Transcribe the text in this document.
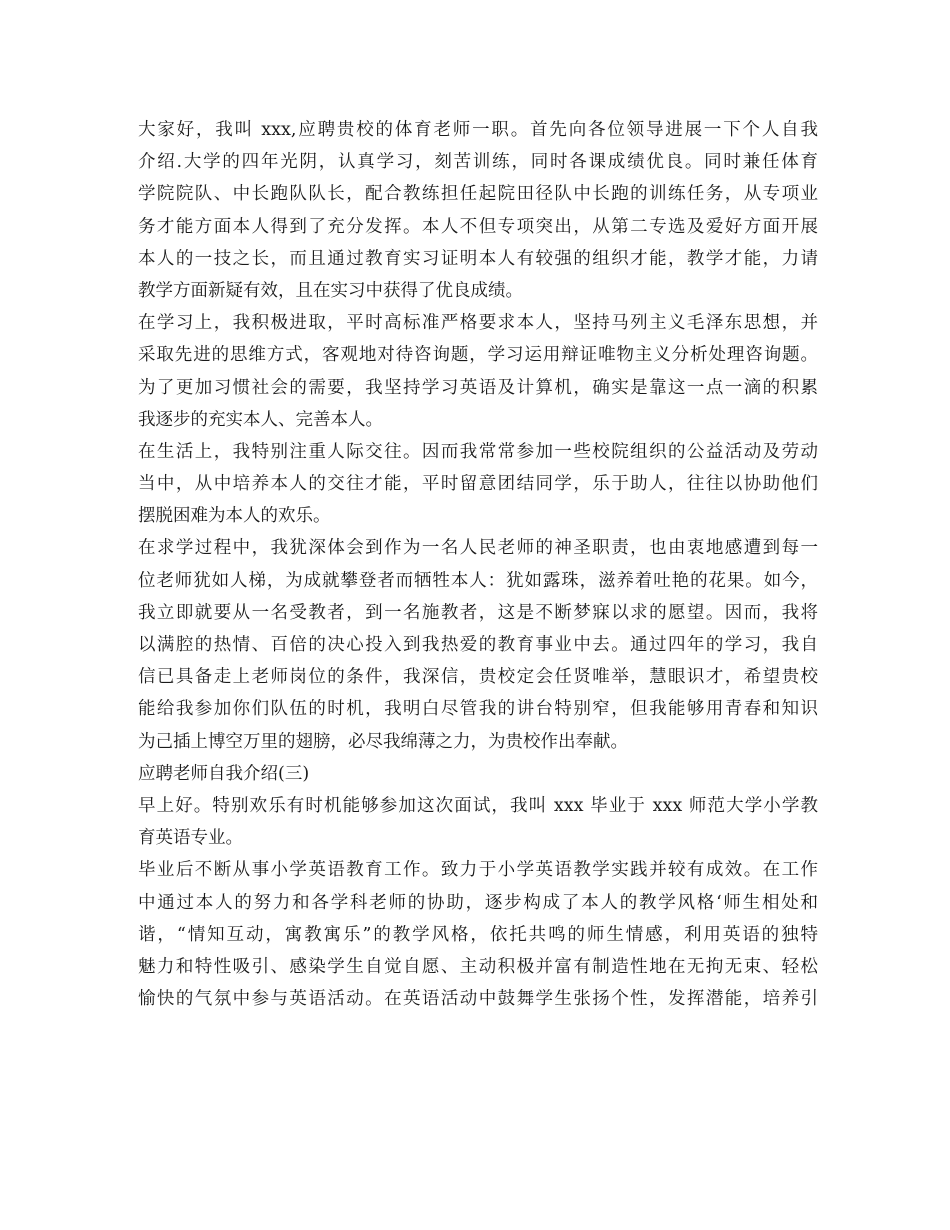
大家好，我叫 xxx,应聘贵校的体育老师一职。首先向各位领导进展一下个人自我
介绍.大学的四年光阴，认真学习，刻苦训练，同时各课成绩优良。同时兼任体育
学院院队、中长跑队队长，配合教练担任起院田径队中长跑的训练任务，从专项业
务才能方面本人得到了充分发挥。本人不但专项突出，从第二专选及爱好方面开展
本人的一技之长，而且通过教育实习证明本人有较强的组织才能，教学才能，力请
教学方面新疑有效，且在实习中获得了优良成绩。
在学习上，我积极进取，平时高标准严格要求本人，坚持马列主义毛泽东思想，并
采取先进的思维方式，客观地对待咨询题，学习运用辩证唯物主义分析处理咨询题。
为了更加习惯社会的需要，我坚持学习英语及计算机，确实是靠这一点一滴的积累
我逐步的充实本人、完善本人。
在生活上，我特别注重人际交往。因而我常常参加一些校院组织的公益活动及劳动
当中，从中培养本人的交往才能，平时留意团结同学，乐于助人，往往以协助他们
摆脱困难为本人的欢乐。
在求学过程中，我犹深体会到作为一名人民老师的神圣职责，也由衷地感遭到每一
位老师犹如人梯，为成就攀登者而牺牲本人：犹如露珠，滋养着吐艳的花果。如今，
我立即就要从一名受教者，到一名施教者，这是不断梦寐以求的愿望。因而，我将
以满腔的热情、百倍的决心投入到我热爱的教育事业中去。通过四年的学习，我自
信已具备走上老师岗位的条件，我深信，贵校定会任贤唯举，慧眼识才，希望贵校
能给我参加你们队伍的时机，我明白尽管我的讲台特别窄，但我能够用青春和知识
为己插上博空万里的翅膀，必尽我绵薄之力，为贵校作出奉献。
应聘老师自我介绍(三)
早上好。特别欢乐有时机能够参加这次面试，我叫 xxx 毕业于 xxx 师范大学小学教
育英语专业。
毕业后不断从事小学英语教育工作。致力于小学英语教学实践并较有成效。在工作
中通过本人的努力和各学科老师的协助，逐步构成了本人的教学风格‘师生相处和
谐，“情知互动，寓教寓乐”的教学风格，依托共鸣的师生情感，利用英语的独特
魅力和特性吸引、感染学生自觉自愿、主动积极并富有制造性地在无拘无束、轻松
愉快的气氛中参与英语活动。在英语活动中鼓舞学生张扬个性，发挥潜能，培养引
